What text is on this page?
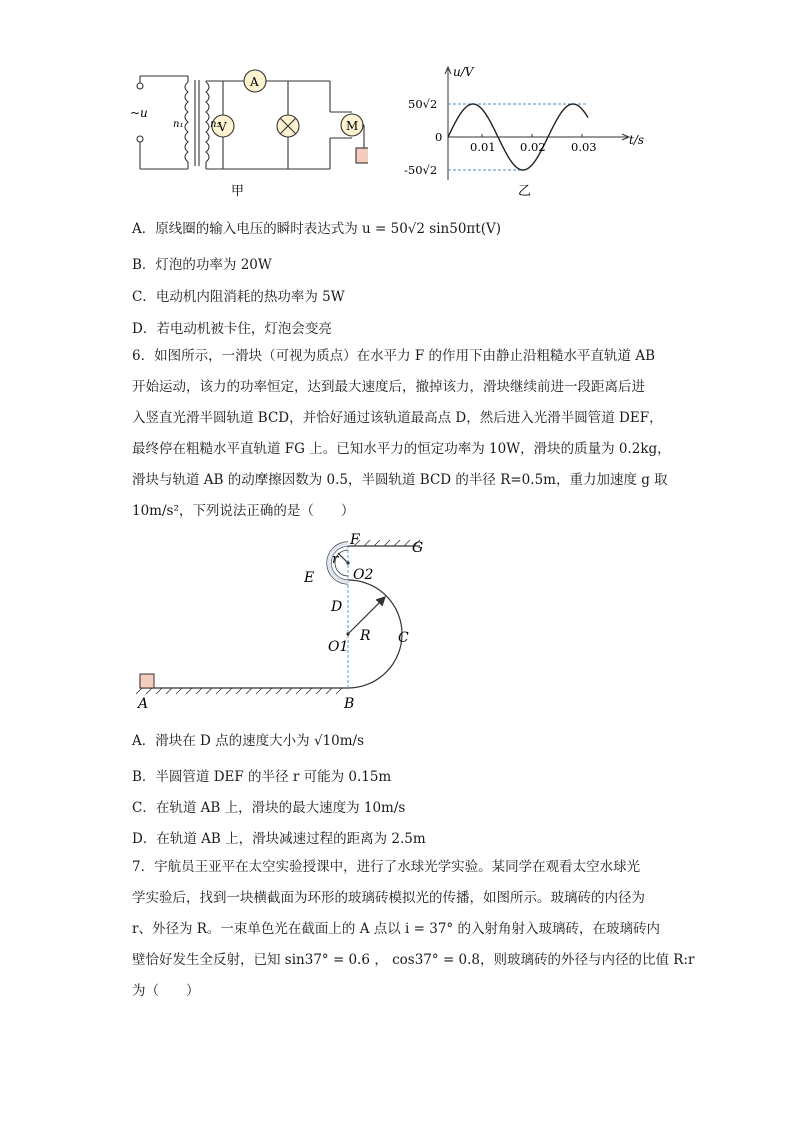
~u
n₁	n₂
A
V	M
甲
u/V
t/s
50√2
-50√2
0
0.01 0.02 0.03
乙
A．原线圈的输入电压的瞬时表达式为 u = 50√2 sin50πt(V)
B．灯泡的功率为 20W
C．电动机内阻消耗的热功率为 5W
D．若电动机被卡住，灯泡会变亮
6．如图所示，一滑块（可视为质点）在水平力 F 的作用下由静止沿粗糙水平直轨道 AB
开始运动，该力的功率恒定，达到最大速度后，撤掉该力，滑块继续前进一段距离后进
入竖直光滑半圆轨道 BCD，并恰好通过该轨道最高点 D，然后进入光滑半圆管道 DEF，
最终停在粗糙水平直轨道 FG 上。已知水平力的恒定功率为 10W，滑块的质量为 0.2kg，
滑块与轨道 AB 的动摩擦因数为 0.5，半圆轨道 BCD 的半径 R=0.5m，重力加速度 g 取
10m/s²，下列说法正确的是（　　）
A	B
C
D
E
F	G
O1
O2
r
R
A．滑块在 D 点的速度大小为 √10m/s
B．半圆管道 DEF 的半径 r 可能为 0.15m
C．在轨道 AB 上，滑块的最大速度为 10m/s
D．在轨道 AB 上，滑块减速过程的距离为 2.5m
7．宇航员王亚平在太空实验授课中，进行了水球光学实验。某同学在观看太空水球光
学实验后，找到一块横截面为环形的玻璃砖模拟光的传播，如图所示。玻璃砖的内径为
r、外径为 R。一束单色光在截面上的 A 点以 i = 37° 的入射角射入玻璃砖，在玻璃砖内
壁恰好发生全反射，已知 sin37° = 0.6 ， cos37° = 0.8，则玻璃砖的外径与内径的比值 R:r
为（　　）
